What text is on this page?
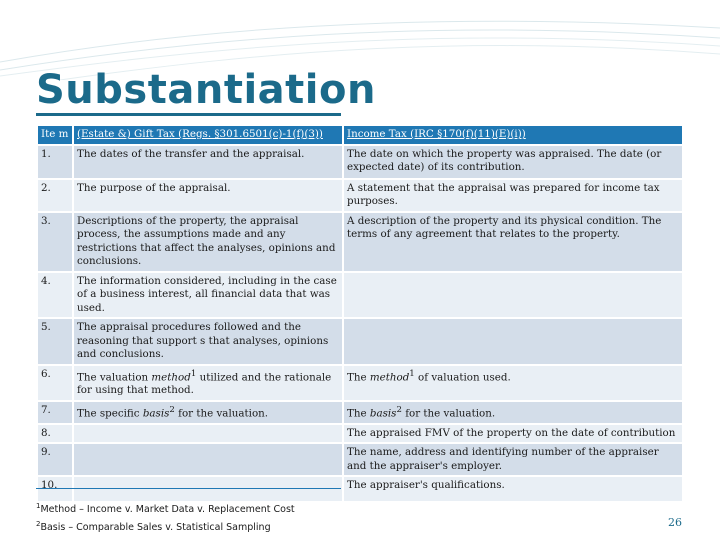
Substantiation
Ite m	(Estate &) Gift Tax (Regs. §301.6501(c)-1(f)(3))	Income Tax (IRC §170(f)(11)(E)(i))
1.	The dates of the transfer and the appraisal.	The date on which the property was appraised. The date (or expected date) of its contribution.
2.	The purpose of the appraisal.	A statement that the appraisal was prepared for income tax purposes.
3.	Descriptions of the property, the appraisal process, the assumptions made and any restrictions that affect the analyses, opinions and conclusions.	A description of the property and its physical condition. The terms of any agreement that relates to the property.
4.	The information considered, including in the case of a business interest, all financial data that was used.	
5.	The appraisal procedures followed and the reasoning that support s that analyses, opinions and conclusions.	
6.	The valuation method$^1$ utilized and the rationale for using that method.	The method$^1$ of valuation used.
7.	The specific basis$^2$ for the valuation.	The basis$^2$ for the valuation.
8.		The appraised FMV of the property on the date of contribution
9.		The name, address and identifying number of the appraiser and the appraiser's employer.
10.		The appraiser's qualifications.
$^1$Method – Income v. Market Data v. Replacement Cost
$^2$Basis – Comparable Sales v. Statistical Sampling	26
